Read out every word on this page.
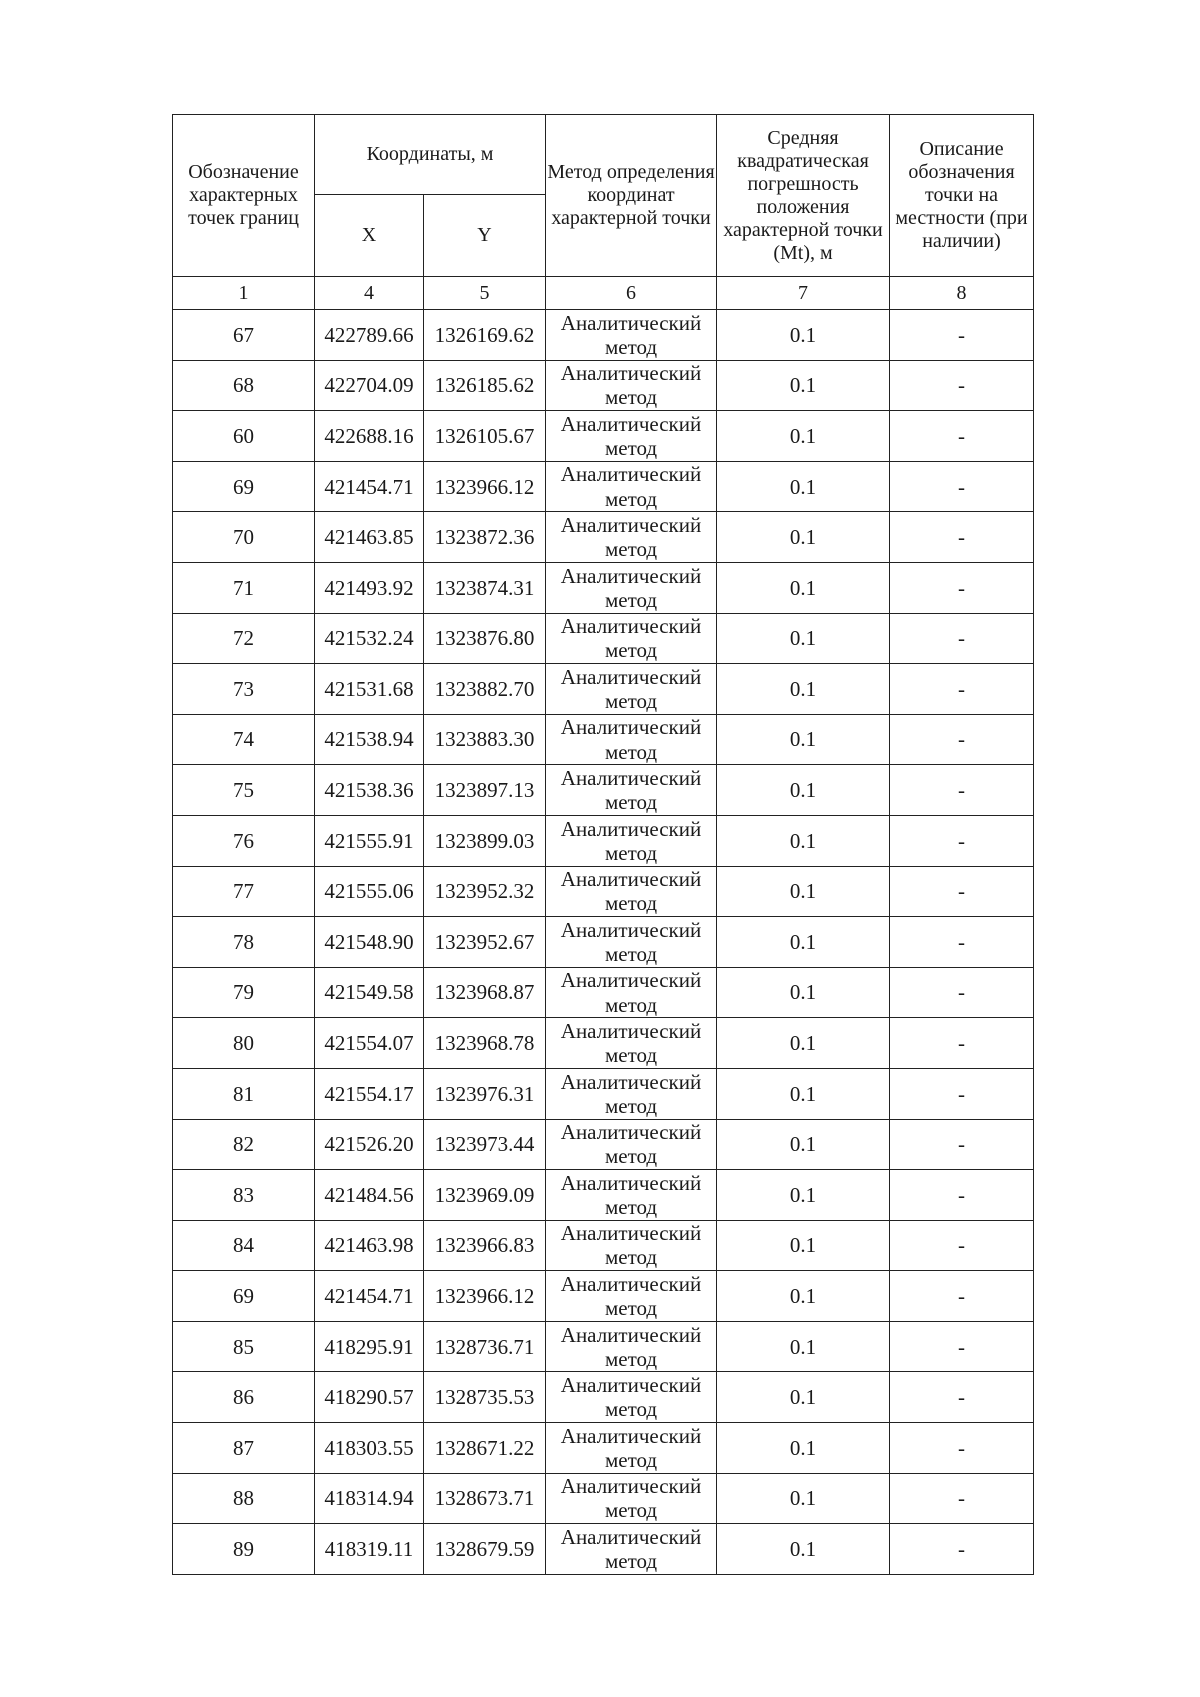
Обозначение характерных точек границ	Координаты, м		Метод определения координат характерной точки	Средняя квадратическая погрешность положения характерной точки (Mt), м	Описание обозначения точки на местности (при наличии)
	X	Y			
1	4	5	6	7	8
67	422789.66	1326169.62	Аналитический метод	0.1	-
68	422704.09	1326185.62	Аналитический метод	0.1	-
60	422688.16	1326105.67	Аналитический метод	0.1	-
69	421454.71	1323966.12	Аналитический метод	0.1	-
70	421463.85	1323872.36	Аналитический метод	0.1	-
71	421493.92	1323874.31	Аналитический метод	0.1	-
72	421532.24	1323876.80	Аналитический метод	0.1	-
73	421531.68	1323882.70	Аналитический метод	0.1	-
74	421538.94	1323883.30	Аналитический метод	0.1	-
75	421538.36	1323897.13	Аналитический метод	0.1	-
76	421555.91	1323899.03	Аналитический метод	0.1	-
77	421555.06	1323952.32	Аналитический метод	0.1	-
78	421548.90	1323952.67	Аналитический метод	0.1	-
79	421549.58	1323968.87	Аналитический метод	0.1	-
80	421554.07	1323968.78	Аналитический метод	0.1	-
81	421554.17	1323976.31	Аналитический метод	0.1	-
82	421526.20	1323973.44	Аналитический метод	0.1	-
83	421484.56	1323969.09	Аналитический метод	0.1	-
84	421463.98	1323966.83	Аналитический метод	0.1	-
69	421454.71	1323966.12	Аналитический метод	0.1	-
85	418295.91	1328736.71	Аналитический метод	0.1	-
86	418290.57	1328735.53	Аналитический метод	0.1	-
87	418303.55	1328671.22	Аналитический метод	0.1	-
88	418314.94	1328673.71	Аналитический метод	0.1	-
89	418319.11	1328679.59	Аналитический метод	0.1	-
